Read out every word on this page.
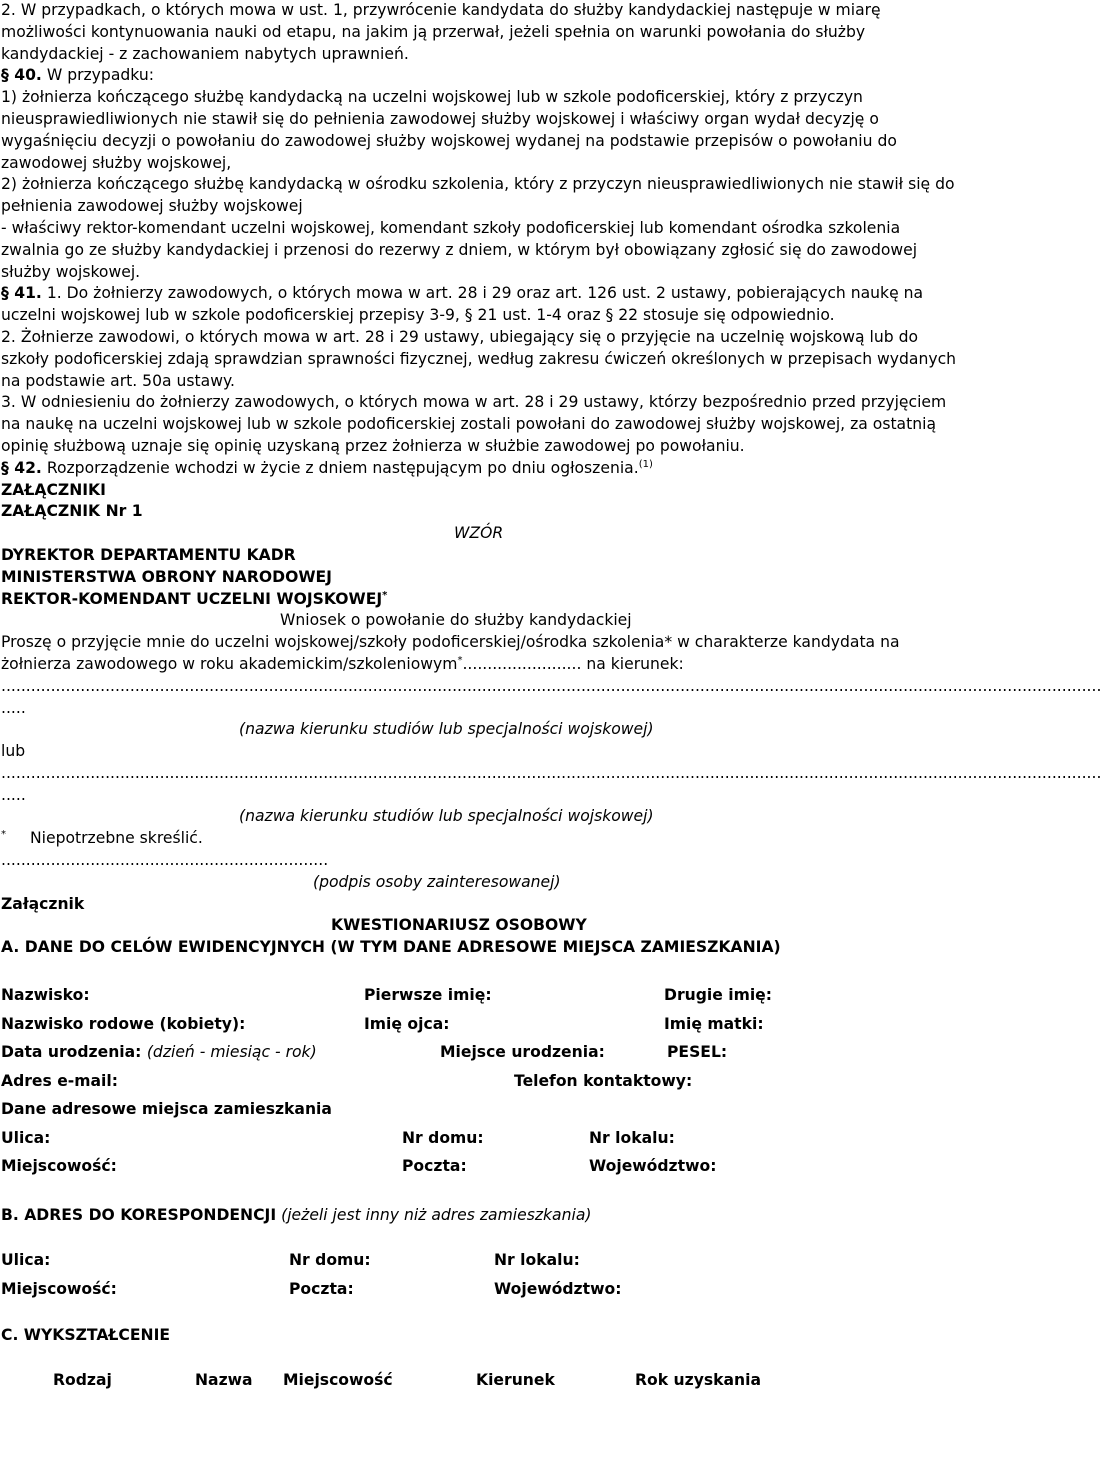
2. W przypadkach, o których mowa w ust. 1, przywrócenie kandydata do służby kandydackiej następuje w miarę możliwości kontynuowania nauki od etapu, na jakim ją przerwał, jeżeli spełnia on warunki powołania do służby kandydackiej - z zachowaniem nabytych uprawnień.

§ 40. W przypadku:

1) żołnierza kończącego służbę kandydacką na uczelni wojskowej lub w szkole podoficerskiej, który z przyczyn nieusprawiedliwionych nie stawił się do pełnienia zawodowej służby wojskowej i właściwy organ wydał decyzję o wygaśnięciu decyzji o powołaniu do zawodowej służby wojskowej wydanej na podstawie przepisów o powołaniu do zawodowej służby wojskowej,

2) żołnierza kończącego służbę kandydacką w ośrodku szkolenia, który z przyczyn nieusprawiedliwionych nie stawił się do pełnienia zawodowej służby wojskowej

- właściwy rektor-komendant uczelni wojskowej, komendant szkoły podoficerskiej lub komendant ośrodka szkolenia zwalnia go ze służby kandydackiej i przenosi do rezerwy z dniem, w którym był obowiązany zgłosić się do zawodowej służby wojskowej.

§ 41. 1. Do żołnierzy zawodowych, o których mowa w art. 28 i 29 oraz art. 126 ust. 2 ustawy, pobierających naukę na uczelni wojskowej lub w szkole podoficerskiej przepisy 3-9, § 21 ust. 1-4 oraz § 22 stosuje się odpowiednio.

2. Żołnierze zawodowi, o których mowa w art. 28 i 29 ustawy, ubiegający się o przyjęcie na uczelnię wojskową lub do szkoły podoficerskiej zdają sprawdzian sprawności fizycznej, według zakresu ćwiczeń określonych w przepisach wydanych na podstawie art. 50a ustawy.

3. W odniesieniu do żołnierzy zawodowych, o których mowa w art. 28 i 29 ustawy, którzy bezpośrednio przed przyjęciem na naukę na uczelni wojskowej lub w szkole podoficerskiej zostali powołani do zawodowej służby wojskowej, za ostatnią opinię służbową uznaje się opinię uzyskaną przez żołnierza w służbie zawodowej po powołaniu.

§ 42. Rozporządzenie wchodzi w życie z dniem następującym po dniu ogłoszenia.$^{(1)}$

ZAŁĄCZNIKI

ZAŁĄCZNIK Nr 1

WZÓR

DYREKTOR DEPARTAMENTU KADR

MINISTERSTWA OBRONY NARODOWEJ

REKTOR-KOMENDANT UCZELNI WOJSKOWEJ*

Wniosek o powołanie do służby kandydackiej

Proszę o przyjęcie mnie do uczelni wojskowej/szkoły podoficerskiej/ośrodka szkolenia* w charakterze kandydata na żołnierza zawodowego w roku akademickim/szkoleniowym*........................ na kierunek:

..............................................................................................................................................................................................................................

.....

(nazwa kierunku studiów lub specjalności wojskowej)

lub

..............................................................................................................................................................................................................................

.....

(nazwa kierunku studiów lub specjalności wojskowej)

* Niepotrzebne skreślić.

..................................................................

(podpis osoby zainteresowanej)

Załącznik

KWESTIONARIUSZ OSOBOWY

A. DANE DO CELÓW EWIDENCYJNYCH (W TYM DANE ADRESOWE MIEJSCA ZAMIESZKANIA)

Nazwisko:	Pierwsze imię:	Drugie imię:
Nazwisko rodowe (kobiety):	Imię ojca:	Imię matki:
Data urodzenia: (dzień - miesiąc - rok)	Miejsce urodzenia:	PESEL:
Adres e-mail:	Telefon kontaktowy:
Dane adresowe miejsca zamieszkania
Ulica:	Nr domu:	Nr lokalu:
Miejscowość:	Poczta:	Województwo:

B. ADRES DO KORESPONDENCJI (jeżeli jest inny niż adres zamieszkania)

Ulica:	Nr domu:	Nr lokalu:
Miejscowość:	Poczta:	Województwo:

C. WYKSZTAŁCENIE

Rodzaj	Nazwa Miejscowość	Kierunek	Rok uzyskania
